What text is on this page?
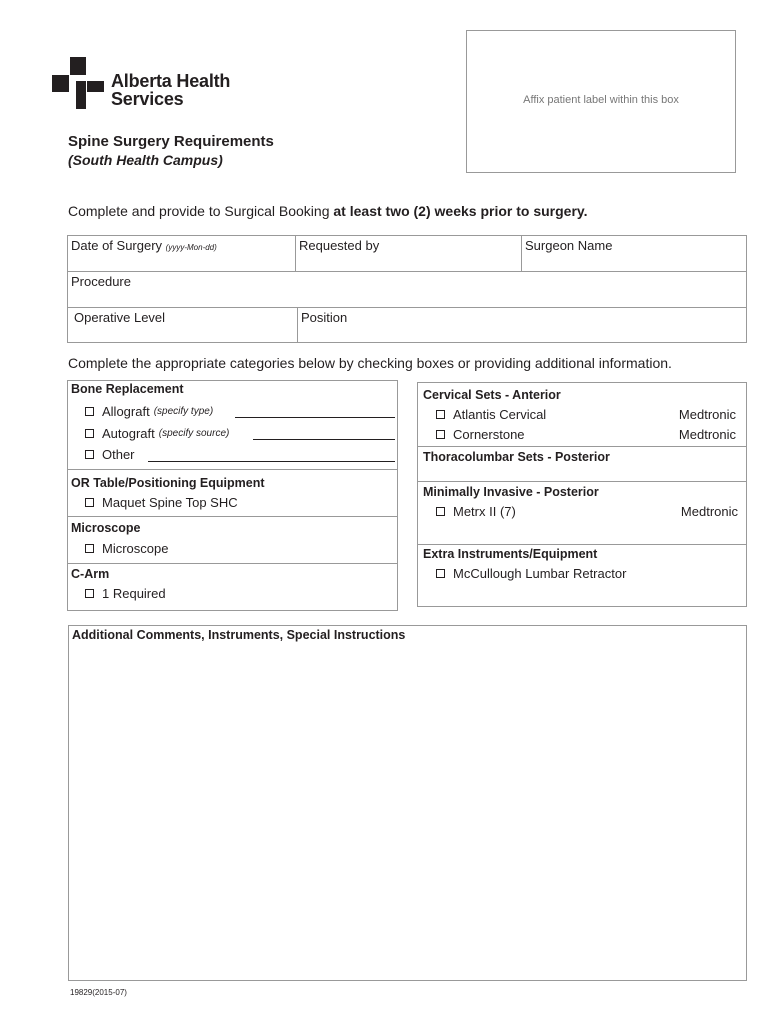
Alberta Health
Services	Affix patient label within this box
Spine Surgery Requirements
(South Health Campus)
Complete and provide to Surgical Booking at least two (2) weeks prior to surgery.
Date of Surgery (yyyy-Mon-dd)	Requested by	Surgeon Name
Procedure
Operative Level	Position
Complete the appropriate categories below by checking boxes or providing additional information.
Bone Replacement
Allograft (specify type)
Autograft (specify source)
Other
OR Table/Positioning Equipment
Maquet Spine Top SHC
Microscope
Microscope
C-Arm
1 Required
Cervical Sets - Anterior
Atlantis Cervical	Medtronic
Cornerstone	Medtronic
Thoracolumbar Sets - Posterior
Minimally Invasive - Posterior
Metrx II (7)	Medtronic
Extra Instruments/Equipment
McCullough Lumbar Retractor
Additional Comments, Instruments, Special Instructions
19829(2015-07)
